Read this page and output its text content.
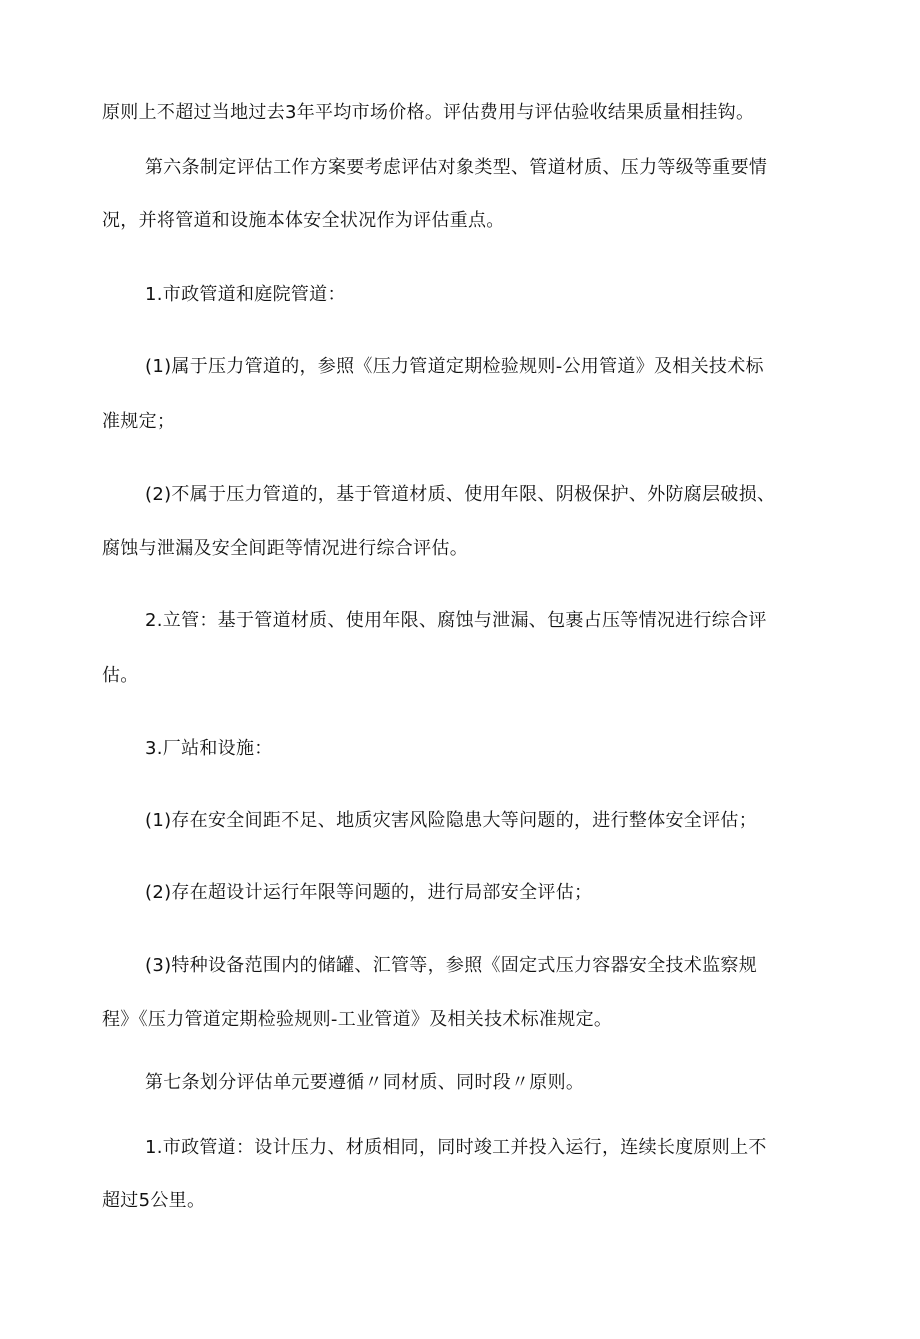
原则上不超过当地过去3年平均市场价格。评估费用与评估验收结果质量相挂钩。
第六条制定评估工作方案要考虑评估对象类型、管道材质、压力等级等重要情
况，并将管道和设施本体安全状况作为评估重点。
1.市政管道和庭院管道：
(1)属于压力管道的，参照《压力管道定期检验规则-公用管道》及相关技术标
准规定；
(2)不属于压力管道的，基于管道材质、使用年限、阴极保护、外防腐层破损、
腐蚀与泄漏及安全间距等情况进行综合评估。
2.立管：基于管道材质、使用年限、腐蚀与泄漏、包裹占压等情况进行综合评
估。
3.厂站和设施：
(1)存在安全间距不足、地质灾害风险隐患大等问题的，进行整体安全评估；
(2)存在超设计运行年限等问题的，进行局部安全评估；
(3)特种设备范围内的储罐、汇管等，参照《固定式压力容器安全技术监察规
程》《压力管道定期检验规则-工业管道》及相关技术标准规定。
第七条划分评估单元要遵循〃同材质、同时段〃原则。
1.市政管道：设计压力、材质相同，同时竣工并投入运行，连续长度原则上不
超过5公里。
